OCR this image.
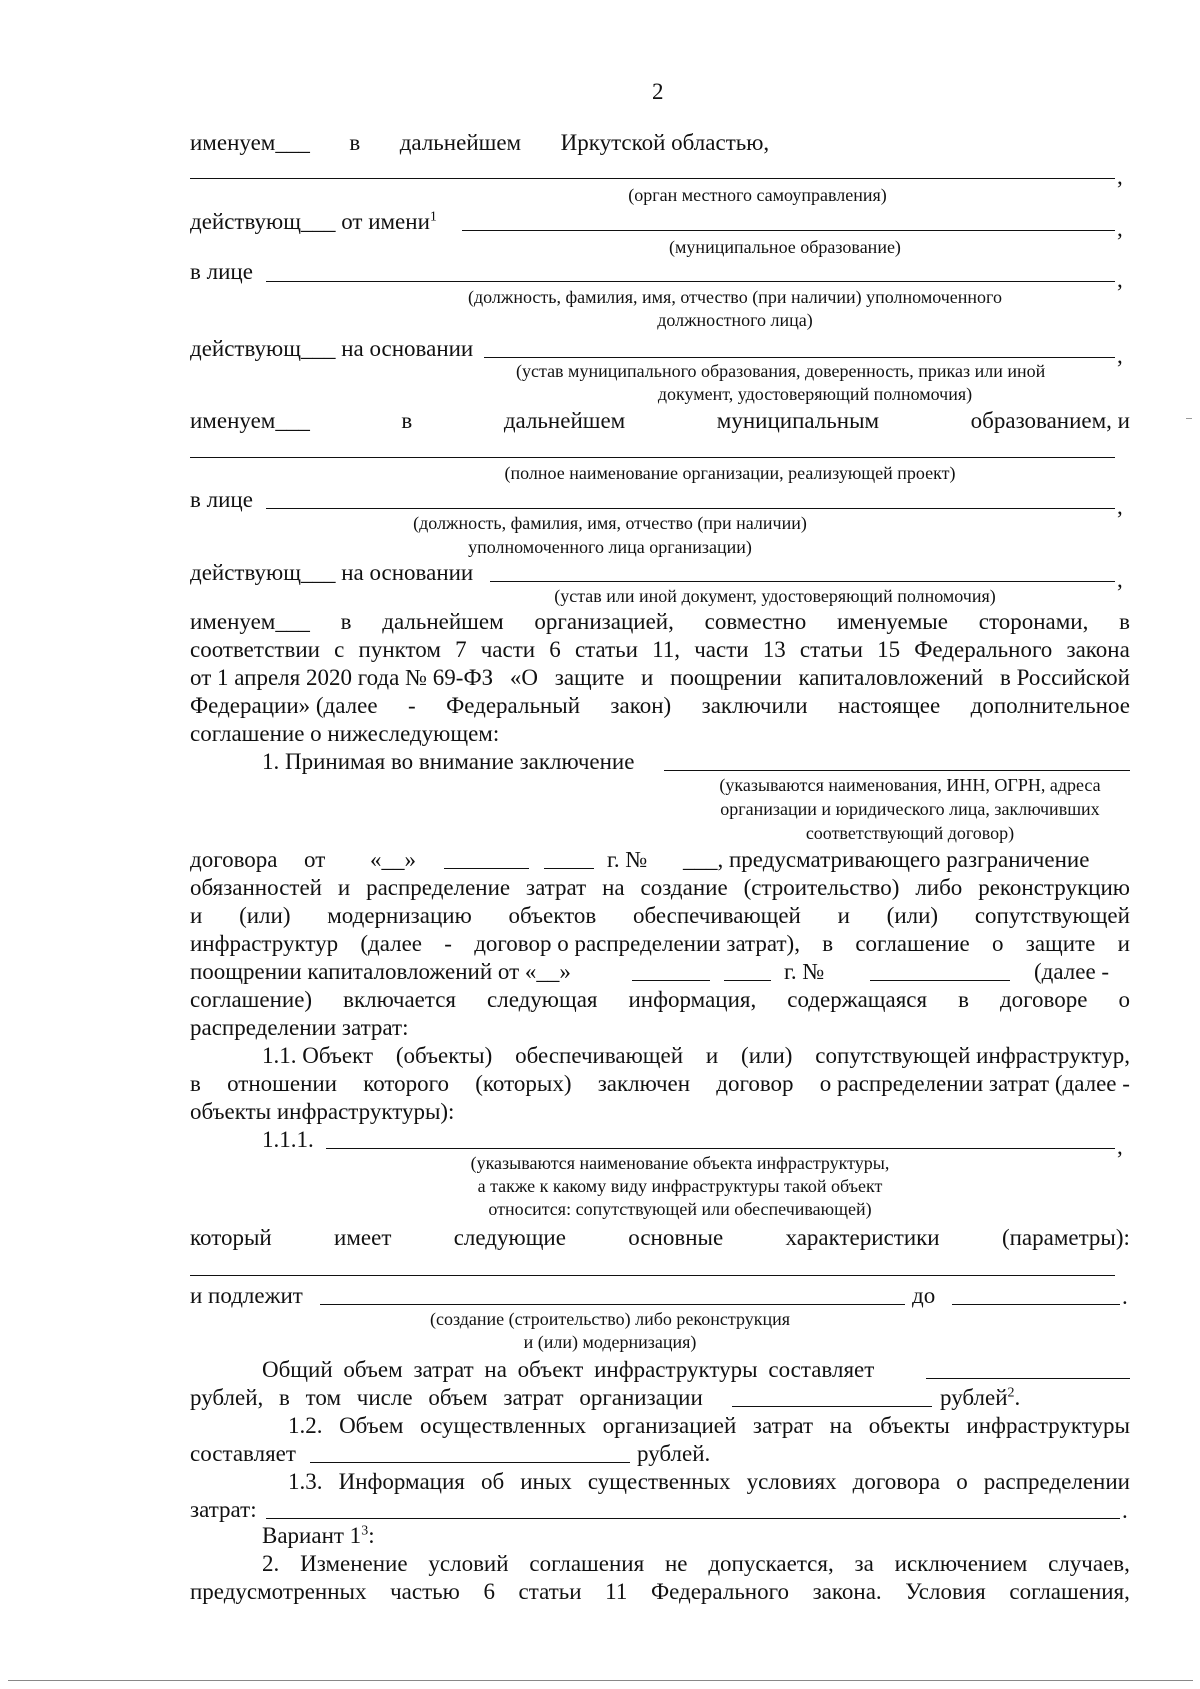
2
именуем___ в дальнейшем Иркутской областью,
,
(орган местного самоуправления)
действующ___ от имени$^1$	,
(муниципальное образование)
в лице	,
(должность, фамилия, имя, отчество (при наличии) уполномоченного
должностного лица)
действующ___ на основании	,
(устав муниципального образования, доверенность, приказ или иной
документ, удостоверяющий полномочия)
именуем___	в	дальнейшем	муниципальным	образованием, и
(полное наименование организации, реализующей проект)
в лице	,
(должность, фамилия, имя, отчество (при наличии)
уполномоченного лица организации)
действующ___ на основании	,
(устав или иной документ, удостоверяющий полномочия)
именуем___ в дальнейшем организацией, совместно именуемые сторонами, в
соответствии с пунктом 7 части 6 статьи 11, части 13 статьи 15 Федерального закона
от 1 апреля 2020 года № 69-ФЗ «О защите и поощрении капиталовложений в Российской
Федерации» (далее - Федеральный закон) заключили настоящее дополнительное
соглашение о нижеследующем:
1. Принимая во внимание заключение
(указываются наименования, ИНН, ОГРН, адреса
организации и юридического лица, заключивших
соответствующий договор)
договора от «__»	г. № ___, предусматривающего разграничение
обязанностей и распределение затрат на создание (строительство) либо реконструкцию
и (или) модернизацию объектов обеспечивающей и (или) сопутствующей
инфраструктур (далее - договор о распределении затрат), в соглашение о защите и
поощрении капиталовложений от «__»	г. №	(далее -
соглашение) включается следующая информация, содержащаяся в договоре о
распределении затрат:
1.1. Объект (объекты) обеспечивающей и (или) сопутствующей инфраструктур,
в отношении которого (которых) заключен договор о распределении затрат (далее -
объекты инфраструктуры):
1.1.1.	,
(указываются наименование объекта инфраструктуры,
а также к какому виду инфраструктуры такой объект
относится: сопутствующей или обеспечивающей)
который	имеет	следующие	основные	характеристики	(параметры):
и подлежит	до	.
(создание (строительство) либо реконструкция
и (или) модернизация)
Общий объем затрат на объект инфраструктуры составляет
рублей, в том числе объем затрат организации	рублей$^2$.
1.2. Объем осуществленных организацией затрат на объекты инфраструктуры
составляет	рублей.
1.3. Информация об иных существенных условиях договора о распределении
затрат:	.
Вариант $1^3$:
2. Изменение условий соглашения не допускается, за исключением случаев,
предусмотренных частью 6 статьи 11 Федерального закона. Условия соглашения,
